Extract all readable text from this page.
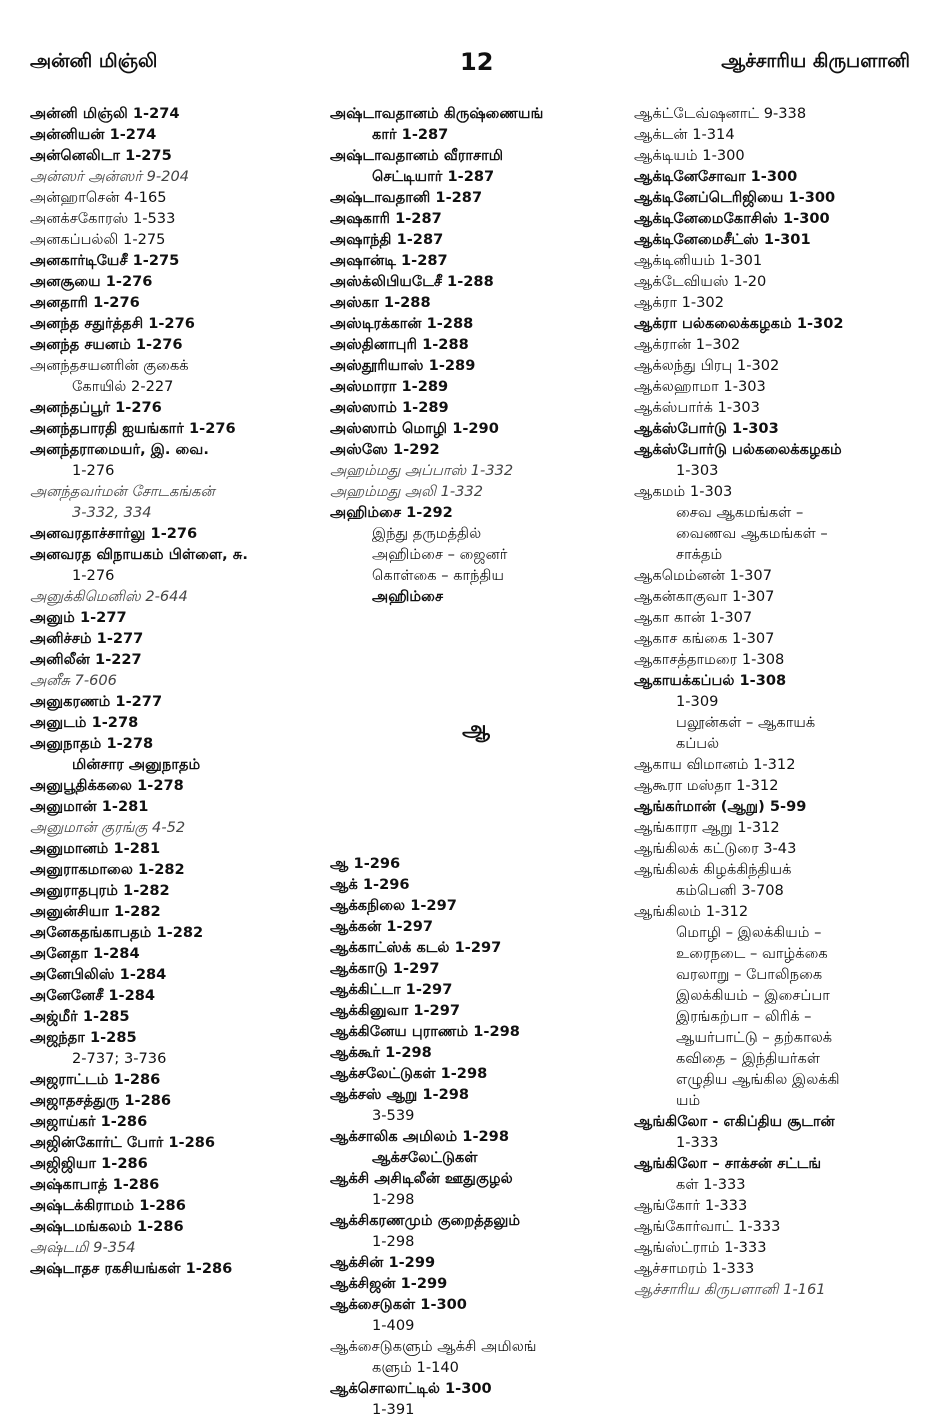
அன்னி மிஞ்லி	12	ஆச்சாரிய கிருபளானி
அன்னி மிஞ்லி 1-274
அன்னியன் 1-274
அன்னெலிடா 1-275
அன்ஸர் அன்ஸர் 9-204
அன்ஹாசென் 4-165
அனக்சகோரஸ் 1-533
அனகப்பல்லி 1-275
அனகார்டியேசீ 1-275
அனசூயை 1-276
அனதாரி 1-276
அனந்த சதுர்த்தசி 1-276
அனந்த சயனம் 1-276
அனந்தசயனரின் குகைக்
கோயில் 2-227
அனந்தப்பூர் 1-276
அனந்தபாரதி ஐயங்கார் 1-276
அனந்தராமையர், இ. வை.
1-276
அனந்தவர்மன் சோடகங்கன்
3-332, 334
அனவரதாச்சார்லு 1-276
அனவரத விநாயகம் பிள்ளை, சு.
1-276
அனுக்கிமெனிஸ் 2-644
அனும் 1-277
அனிச்சம் 1-277
அனிலீன் 1-227
அனீசு 7-606
அனுகரணம் 1-277
அனுடம் 1-278
அனுநாதம் 1-278
மின்சார அனுநாதம்
அனுபூதிக்கலை 1-278
அனுமான் 1-281
அனுமான் குரங்கு 4-52
அனுமானம் 1-281
அனுராகமாலை 1-282
அனுராதபுரம் 1-282
அனுன்சியா 1-282
அனேகதங்காபதம் 1-282
அனேதா 1-284
அனேபிலிஸ் 1-284
அனேனேசீ 1-284
அஜ்மீர் 1-285
அஜந்தா 1-285
2-737; 3-736
அஜராட்டம் 1-286
அஜாதசத்துரு 1-286
அஜாய்கர் 1-286
அஜின்கோர்ட் போர் 1-286
அஜிஜியா 1-286
அஷ்காபாத் 1-286
அஷ்டக்கிராமம் 1-286
அஷ்டமங்கலம் 1-286
அஷ்டமி 9-354
அஷ்டாதச ரகசியங்கள் 1-286
அஷ்டாவதானம் கிருஷ்ணையங்
கார் 1-287
அஷ்டாவதானம் வீராசாமி
செட்டியார் 1-287
அஷ்டாவதானி 1-287
அஷகாரி 1-287
அஷாந்தி 1-287
அஷான்டி 1-287
அஸ்க்லிபியடேசீ 1-288
அஸ்கா 1-288
அஸ்டிரக்கான் 1-288
அஸ்தினாபுரி 1-288
அஸ்தூரியாஸ் 1-289
அஸ்மாரா 1-289
அஸ்ஸாம் 1-289
அஸ்ஸாம் மொழி 1-290
அஸ்ஸே 1-292
அஹம்மது அப்பாஸ் 1-332
அஹம்மது அலி 1-332
அஹிம்சை 1-292
இந்து தருமத்தில்
அஹிம்சை – ஜைனர்
கொள்கை – காந்திய
அஹிம்சை
ஆ
ஆ 1-296
ஆக் 1-296
ஆக்கநிலை 1-297
ஆக்கன் 1-297
ஆக்காட்ஸ்க் கடல் 1-297
ஆக்காடு 1-297
ஆக்கிட்டா 1-297
ஆக்கினுவா 1-297
ஆக்கினேய புராணம் 1-298
ஆக்கூர் 1-298
ஆக்சலேட்டுகள் 1-298
ஆக்சஸ் ஆறு 1-298
3-539
ஆக்சாலிக அமிலம் 1-298
ஆக்சலேட்டுகள்
ஆக்சி அசிடிலீன் ஊதுகுழல்
1-298
ஆக்சிகரணமும் குறைத்தலும்
1-298
ஆக்சின் 1-299
ஆக்சிஜன் 1-299
ஆக்சைடுகள் 1-300
1-409
ஆக்சைடுகளும் ஆக்சி அமிலங்
களும் 1-140
ஆக்சொலாட்டில் 1-300
1-391
ஆக்ட்டேவ்ஷனாட் 9-338
ஆக்டன் 1-314
ஆக்டியம் 1-300
ஆக்டினேசோவா 1-300
ஆக்டினேப்டெரிஜியை 1-300
ஆக்டினேமைகோசிஸ் 1-300
ஆக்டினேமைசீட்ஸ் 1-301
ஆக்டினியம் 1-301
ஆக்டேவியஸ் 1-20
ஆக்ரா 1-302
ஆக்ரா பல்கலைக்கழகம் 1-302
ஆக்ரான் 1–302
ஆக்லந்து பிரபு 1-302
ஆக்லஹாமா 1-303
ஆக்ஸ்பார்க் 1-303
ஆக்ஸ்போர்டு 1-303
ஆக்ஸ்போர்டு பல்கலைக்கழகம்
1-303
ஆகமம் 1-303
சைவ ஆகமங்கள் –
வைணவ ஆகமங்கள் –
சாக்தம்
ஆகமெம்னன் 1-307
ஆகன்காகுவா 1-307
ஆகா கான் 1-307
ஆகாச கங்கை 1-307
ஆகாசத்தாமரை 1-308
ஆகாயக்கப்பல் 1-308
1-309
பலூன்கள் – ஆகாயக்
கப்பல்
ஆகாய விமானம் 1-312
ஆகூரா மஸ்தா 1-312
ஆங்கர்மான் (ஆறு) 5-99
ஆங்காரா ஆறு 1-312
ஆங்கிலக் கட்டுரை 3-43
ஆங்கிலக் கிழக்கிந்தியக்
கம்பெனி 3-708
ஆங்கிலம் 1-312
மொழி – இலக்கியம் –
உரைநடை – வாழ்க்கை
வரலாறு – போலிநகை
இலக்கியம் – இசைப்பா
இரங்கற்பா – லிரிக் –
ஆயர்பாட்டு – தற்காலக்
கவிதை – இந்தியர்கள்
எழுதிய ஆங்கில இலக்கி
யம்
ஆங்கிலோ - எகிப்திய சூடான்
1-333
ஆங்கிலோ – சாக்சன் சட்டங்
கள் 1-333
ஆங்கோர் 1-333
ஆங்கோர்வாட் 1-333
ஆங்ஸ்ட்ராம் 1-333
ஆச்சாமரம் 1-333
ஆச்சாரிய கிருபளானி 1-161
